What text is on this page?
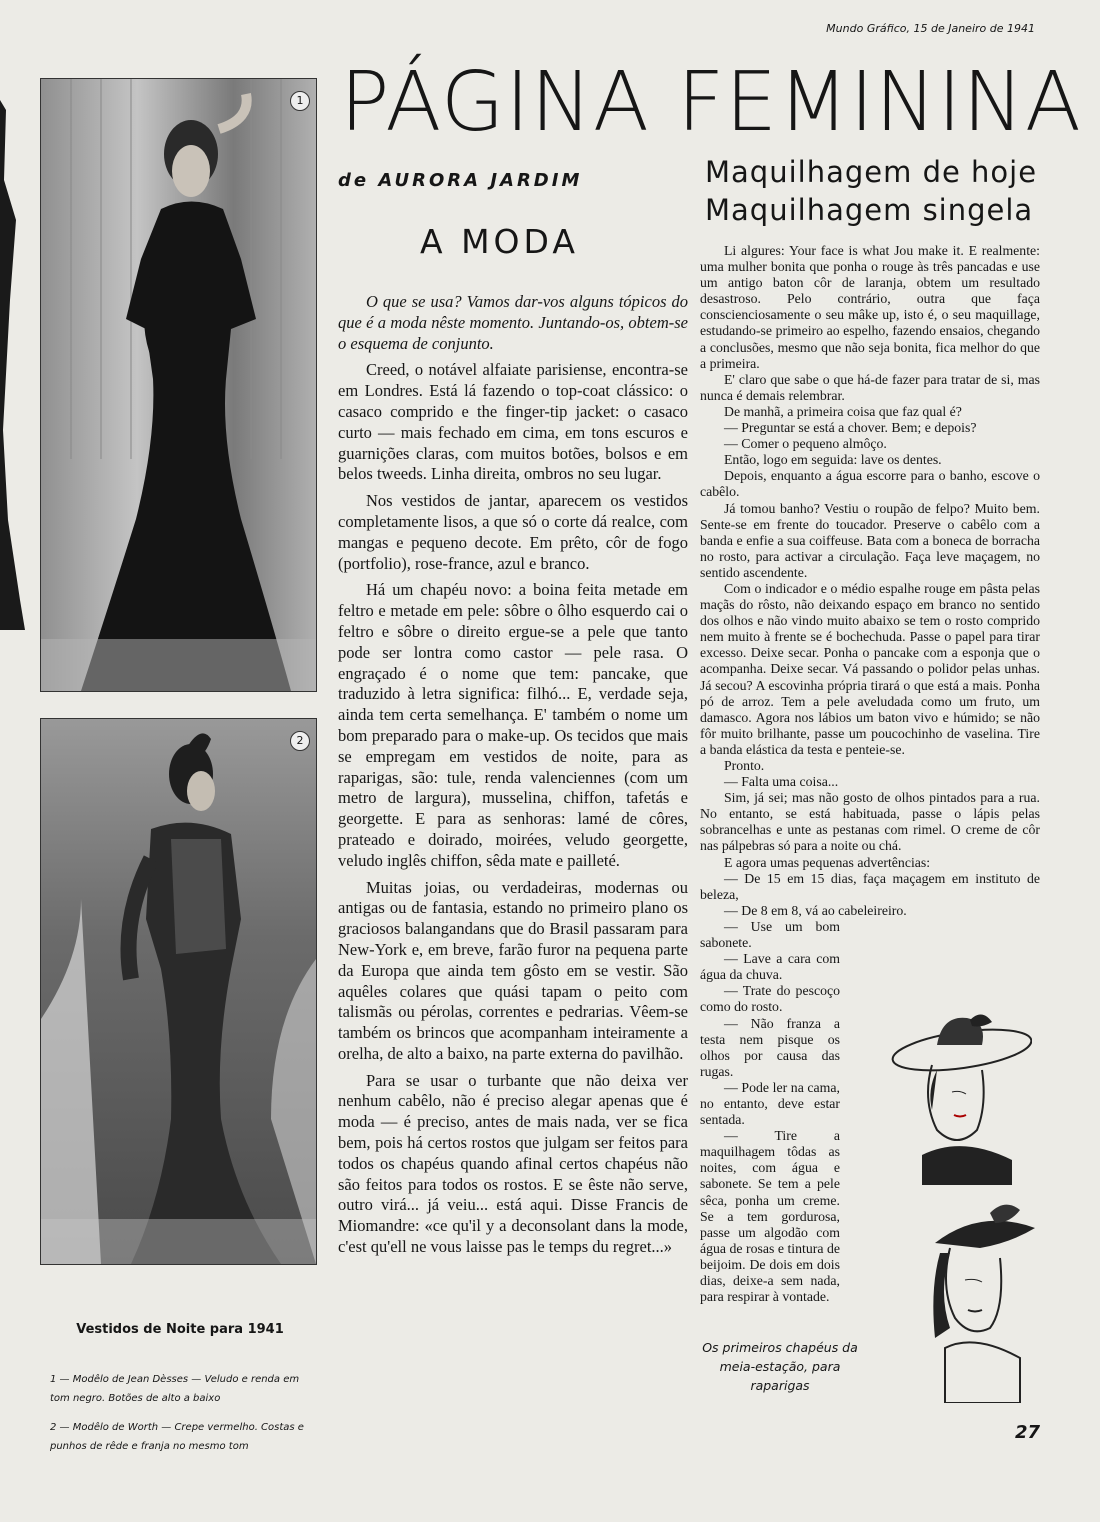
Mundo Gráfico, 15 de Janeiro de 1941
PÁGINA FEMININA
de AURORA JARDIM
A MODA
Maquilhagem de hoje
Maquilhagem singela
1
2
Vestidos de Noite para 1941
1 — Modêlo de Jean Dèsses — Veludo e renda em tom negro. Botões de alto a baixo
2 — Modêlo de Worth — Crepe vermelho. Costas e punhos de rêde e franja no mesmo tom

O que se usa? Vamos dar-vos alguns tópicos do que é a moda nêste momento. Juntando-os, obtem-se o esquema de conjunto.

Creed, o notável alfaiate parisiense, encontra-se em Londres. Está lá fazendo o top-coat clássico: o casaco comprido e the finger-tip jacket: o casaco curto — mais fechado em cima, em tons escuros e guarnições claras, com muitos botões, bolsos e em belos tweeds. Linha direita, ombros no seu lugar.

Nos vestidos de jantar, aparecem os vestidos completamente lisos, a que só o corte dá realce, com mangas e pequeno decote. Em prêto, côr de fogo (portfolio), rose-france, azul e branco.

Há um chapéu novo: a boina feita metade em feltro e metade em pele: sôbre o ôlho esquerdo cai o feltro e sôbre o direito ergue-se a pele que tanto pode ser lontra como castor — pele rasa. O engraçado é o nome que tem: pancake, que traduzido à letra significa: filhó... E, verdade seja, ainda tem certa semelhança. E' também o nome um bom preparado para o make-up. Os tecidos que mais se empregam em vestidos de noite, para as raparigas, são: tule, renda valenciennes (com um metro de largura), musselina, chiffon, tafetás e georgette. E para as senhoras: lamé de côres, prateado e doirado, moirées, veludo georgette, veludo inglês chiffon, sêda mate e pailleté.

Muitas joias, ou verdadeiras, modernas ou antigas ou de fantasia, estando no primeiro plano os graciosos balangandans que do Brasil passaram para New-York e, em breve, farão furor na pequena parte da Europa que ainda tem gôsto em se vestir. São aquêles colares que quási tapam o peito com talismãs ou pérolas, correntes e pedrarias. Vêem-se também os brincos que acompanham inteiramente a orelha, de alto a baixo, na parte externa do pavilhão.

Para se usar o turbante que não deixa ver nenhum cabêlo, não é preciso alegar apenas que é moda — é preciso, antes de mais nada, ver se fica bem, pois há certos rostos que julgam ser feitos para todos os chapéus quando afinal certos chapéus não são feitos para todos os rostos. E se êste não serve, outro virá... já veiu... está aqui. Disse Francis de Miomandre: «ce qu'il y a deconsolant dans la mode, c'est qu'ell ne vous laisse pas le temps du regret...»

Li algures: Your face is what Jou make it. E realmente: uma mulher bonita que ponha o rouge às três pancadas e use um antigo baton côr de laranja, obtem um resultado desastroso. Pelo contrário, outra que faça conscienciosamente o seu mâke up, isto é, o seu maquillage, estudando-se primeiro ao espelho, fazendo ensaios, chegando a conclusões, mesmo que não seja bonita, fica melhor do que a primeira.

E' claro que sabe o que há-de fazer para tratar de si, mas nunca é demais relembrar.

De manhã, a primeira coisa que faz qual é?

— Preguntar se está a chover. Bem; e depois?

— Comer o pequeno almôço.

Então, logo em seguida: lave os dentes.

Depois, enquanto a água escorre para o banho, escove o cabêlo.

Já tomou banho? Vestiu o roupão de felpo? Muito bem. Sente-se em frente do toucador. Preserve o cabêlo com a banda e enfie a sua coiffeuse. Bata com a boneca de borracha no rosto, para activar a circulação. Faça leve maçagem, no sentido ascendente.

Com o indicador e o médio espalhe rouge em pâsta pelas maçãs do rôsto, não deixando espaço em branco no sentido dos olhos e não vindo muito abaixo se tem o rosto comprido nem muito à frente se é bochechuda. Passe o papel para tirar excesso. Deixe secar. Ponha o pancake com a esponja que o acompanha. Deixe secar. Vá passando o polidor pelas unhas. Já secou? A escovinha própria tirará o que está a mais. Ponha pó de arroz. Tem a pele aveludada como um fruto, um damasco. Agora nos lábios um baton vivo e húmido; se não fôr muito brilhante, passe um poucochinho de vaselina. Tire a banda elástica da testa e penteie-se.

Pronto.

— Falta uma coisa...

Sim, já sei; mas não gosto de olhos pintados para a rua. No entanto, se está habituada, passe o lápis pelas sobrancelhas e unte as pestanas com rimel. O creme de côr nas pálpebras só para a noite ou chá.

E agora umas pequenas advertências:

— De 15 em 15 dias, faça maçagem em instituto de beleza,

— De 8 em 8, vá ao cabeleireiro.

— Use um bom sabonete.

— Lave a cara com água da chuva.

— Trate do pescoço como do rosto.

— Não franza a testa nem pisque os olhos por causa das rugas.

— Pode ler na cama, no entanto, deve estar sentada.

— Tire a maquilhagem tôdas as noites, com água e sabonete. Se tem a pele sêca, ponha um creme. Se a tem gordurosa, passe um algodão com água de rosas e tintura de beijoim. De dois em dois dias, deixe-a sem nada, para respirar à vontade.

Os primeiros chapéus da meia-estação, para raparigas
27
